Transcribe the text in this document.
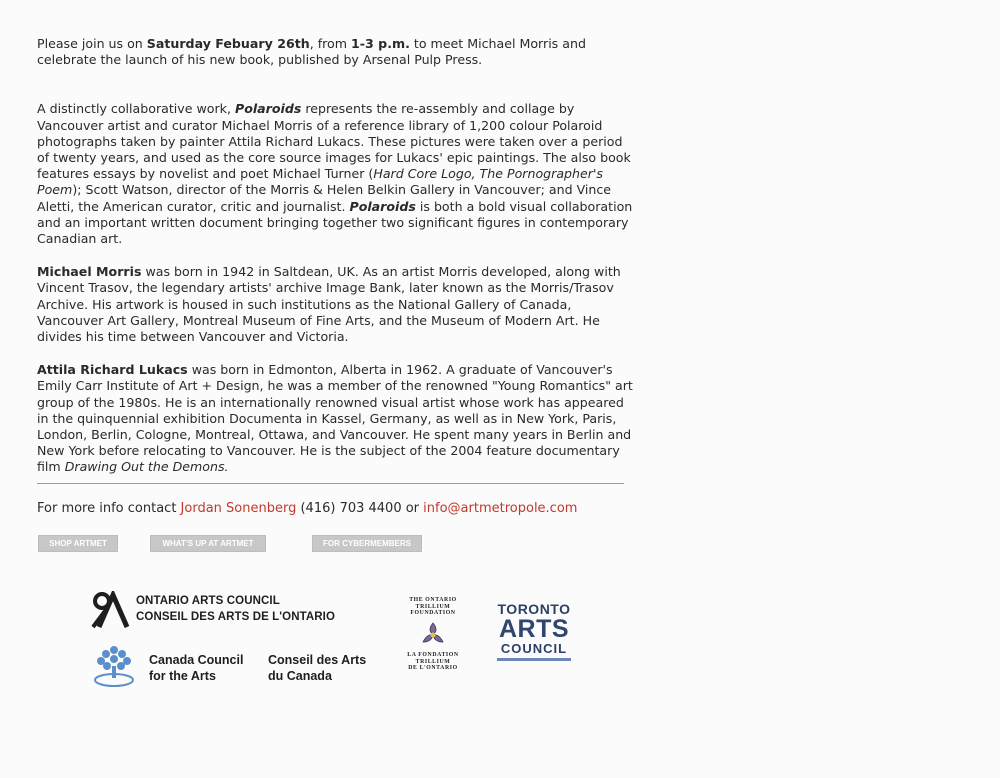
Please join us on Saturday Febuary 26th, from 1-3 p.m. to meet Michael Morris and celebrate the launch of his new book, published by Arsenal Pulp Press.

A distinctly collaborative work, Polaroids represents the re-assembly and collage by Vancouver artist and curator Michael Morris of a reference library of 1,200 colour Polaroid photographs taken by painter Attila Richard Lukacs. These pictures were taken over a period of twenty years, and used as the core source images for Lukacs' epic paintings. The also book features essays by novelist and poet Michael Turner (Hard Core Logo, The Pornographer's Poem); Scott Watson, director of the Morris & Helen Belkin Gallery in Vancouver; and Vince Aletti, the American curator, critic and journalist. Polaroids is both a bold visual collaboration and an important written document bringing together two significant figures in contemporary Canadian art.

Michael Morris was born in 1942 in Saltdean, UK. As an artist Morris developed, along with Vincent Trasov, the legendary artists' archive Image Bank, later known as the Morris/Trasov Archive. His artwork is housed in such institutions as the National Gallery of Canada, Vancouver Art Gallery, Montreal Museum of Fine Arts, and the Museum of Modern Art. He divides his time between Vancouver and Victoria.

Attila Richard Lukacs was born in Edmonton, Alberta in 1962. A graduate of Vancouver's Emily Carr Institute of Art + Design, he was a member of the renowned "Young Romantics" art group of the 1980s. He is an internationally renowned visual artist whose work has appeared in the quinquennial exhibition Documenta in Kassel, Germany, as well as in New York, Paris, London, Berlin, Cologne, Montreal, Ottawa, and Vancouver. He spent many years in Berlin and New York before relocating to Vancouver. He is the subject of the 2004 feature documentary film Drawing Out the Demons.

For more info contact Jordan Sonenberg (416) 703 4400 or info@artmetropole.com
SHOP ARTMET	WHAT'S UP AT ARTMET	FOR CYBERMEMBERS
ONTARIO ARTS COUNCIL
CONSEIL DES ARTS DE L'ONTARIO
Canada Council
for the Arts
Conseil des Arts
du Canada
THE ONTARIO
TRILLIUM
FOUNDATION
LA FONDATION
TRILLIUM
DE L'ONTARIO
TORONTO
ARTS
COUNCIL
